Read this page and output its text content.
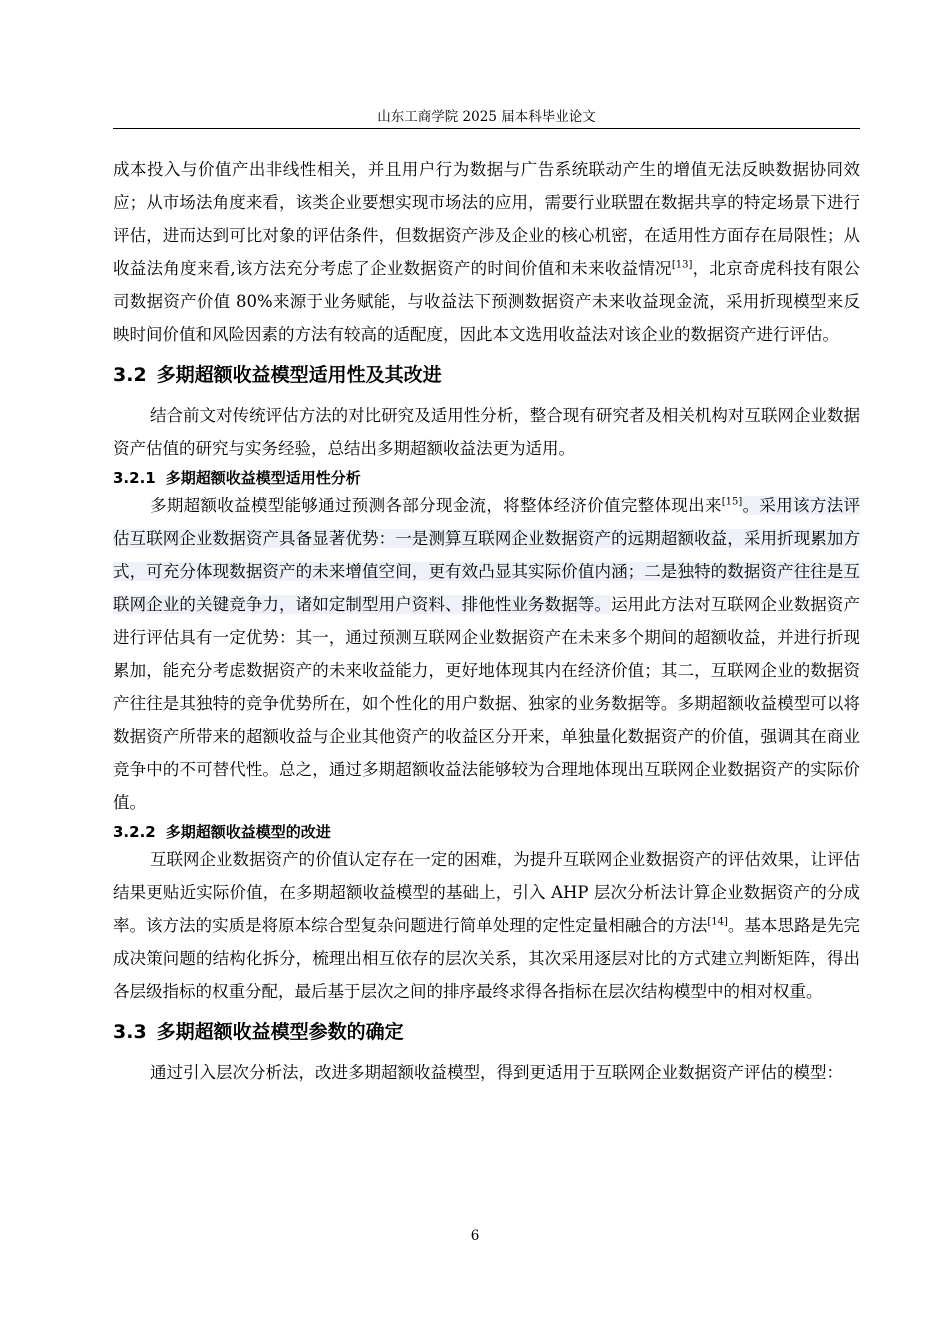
山东工商学院 2025 届本科毕业论文

成本投入与价值产出非线性相关，并且用户行为数据与广告系统联动产生的增值无法反映数据协同效应；从市场法角度来看，该类企业要想实现市场法的应用，需要行业联盟在数据共享的特定场景下进行评估，进而达到可比对象的评估条件，但数据资产涉及企业的核心机密，在适用性方面存在局限性；从收益法角度来看,该方法充分考虑了企业数据资产的时间价值和未来收益情况[13]，北京奇虎科技有限公司数据资产价值 80%来源于业务赋能，与收益法下预测数据资产未来收益现金流，采用折现模型来反映时间价值和风险因素的方法有较高的适配度，因此本文选用收益法对该企业的数据资产进行评估。

3.2 多期超额收益模型适用性及其改进

结合前文对传统评估方法的对比研究及适用性分析，整合现有研究者及相关机构对互联网企业数据资产估值的研究与实务经验，总结出多期超额收益法更为适用。

3.2.1 多期超额收益模型适用性分析

多期超额收益模型能够通过预测各部分现金流，将整体经济价值完整体现出来[15]。采用该方法评估互联网企业数据资产具备显著优势：一是测算互联网企业数据资产的远期超额收益，采用折现累加方式，可充分体现数据资产的未来增值空间，更有效凸显其实际价值内涵；二是独特的数据资产往往是互联网企业的关键竞争力，诸如定制型用户资料、排他性业务数据等。运用此方法对互联网企业数据资产进行评估具有一定优势：其一，通过预测互联网企业数据资产在未来多个期间的超额收益，并进行折现累加，能充分考虑数据资产的未来收益能力，更好地体现其内在经济价值；其二，互联网企业的数据资产往往是其独特的竞争优势所在，如个性化的用户数据、独家的业务数据等。多期超额收益模型可以将数据资产所带来的超额收益与企业其他资产的收益区分开来，单独量化数据资产的价值，强调其在商业竞争中的不可替代性。总之，通过多期超额收益法能够较为合理地体现出互联网企业数据资产的实际价值。

3.2.2 多期超额收益模型的改进

互联网企业数据资产的价值认定存在一定的困难，为提升互联网企业数据资产的评估效果，让评估结果更贴近实际价值，在多期超额收益模型的基础上，引入 AHP 层次分析法计算企业数据资产的分成率。该方法的实质是将原本综合型复杂问题进行简单处理的定性定量相融合的方法[14]。基本思路是先完成决策问题的结构化拆分，梳理出相互依存的层次关系，其次采用逐层对比的方式建立判断矩阵，得出各层级指标的权重分配，最后基于层次之间的排序最终求得各指标在层次结构模型中的相对权重。

3.3 多期超额收益模型参数的确定

通过引入层次分析法，改进多期超额收益模型，得到更适用于互联网企业数据资产评估的模型：

6
